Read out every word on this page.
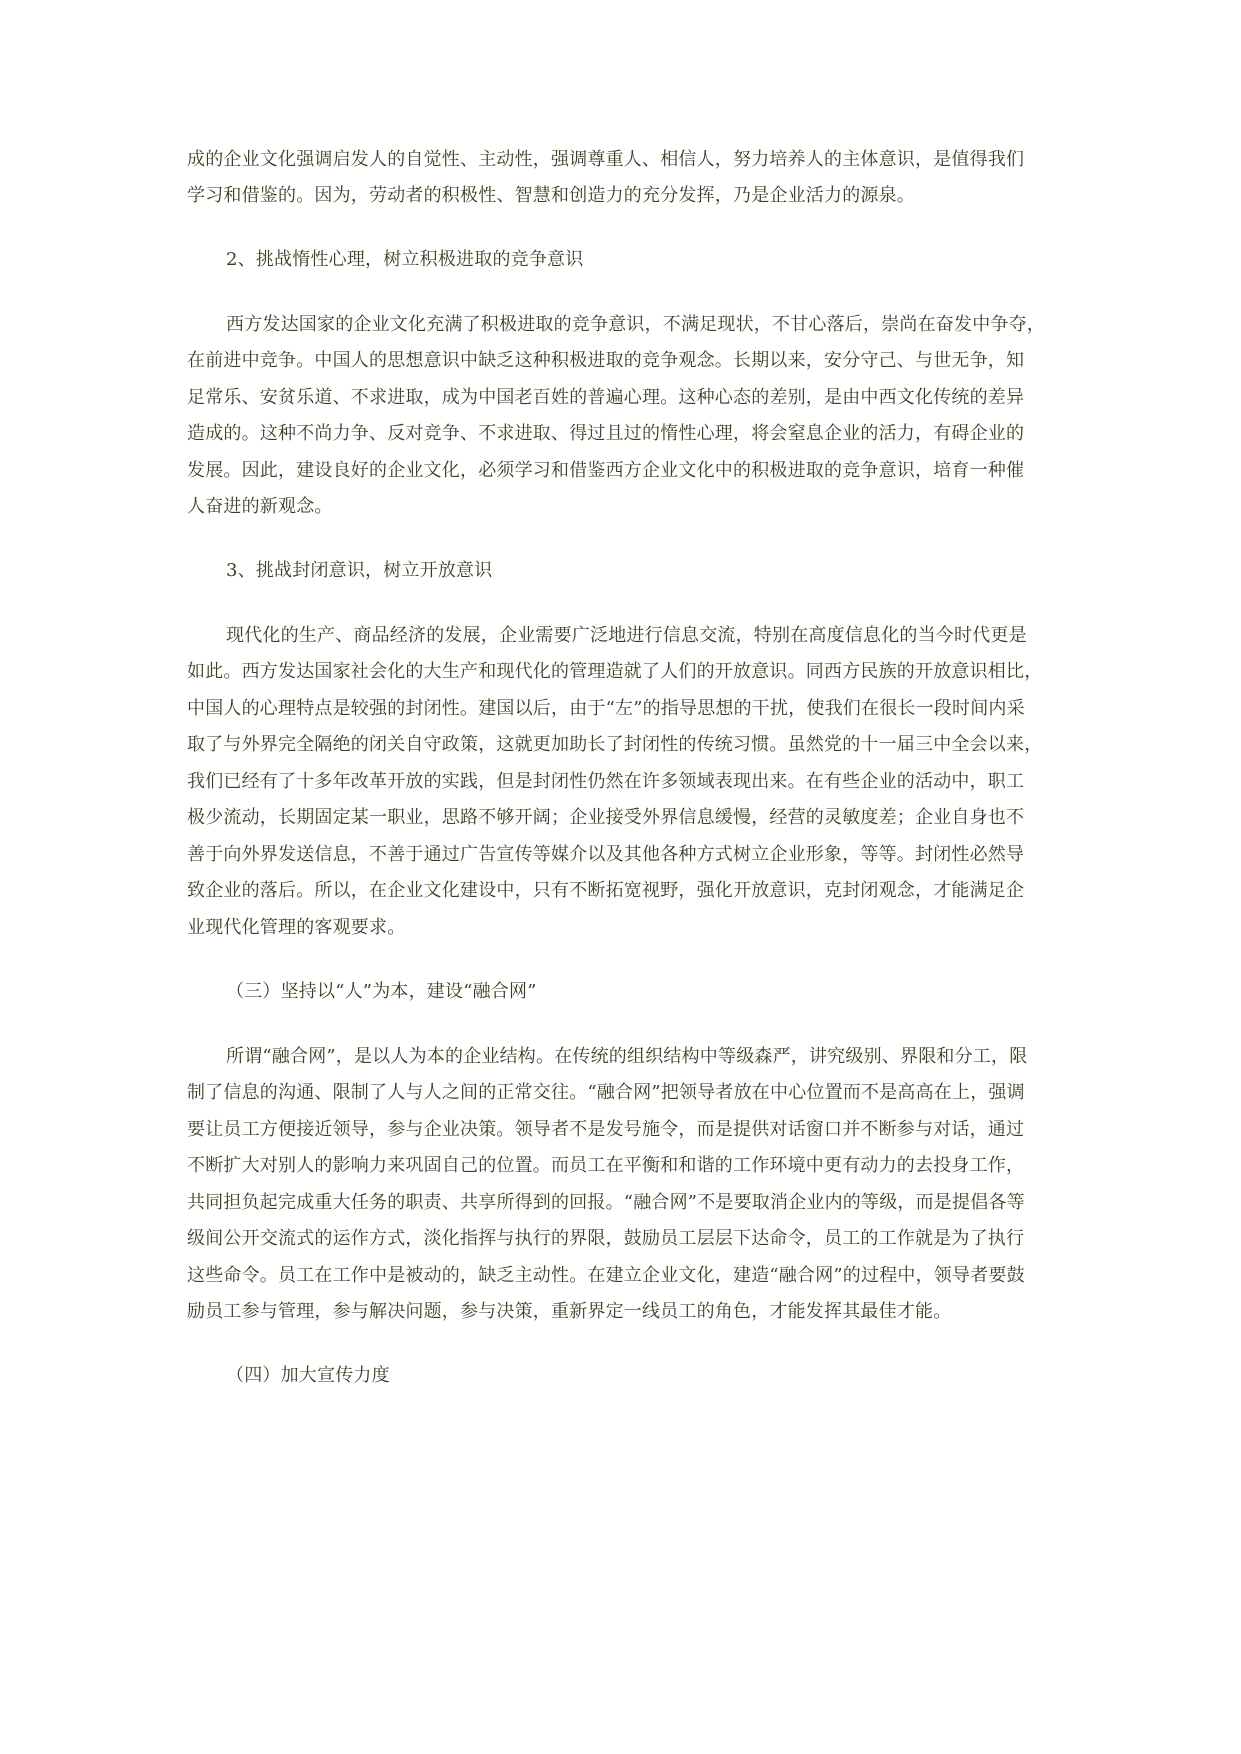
成的企业文化强调启发人的自觉性、主动性，强调尊重人、相信人，努力培养人的主体意识，是值得我们
学习和借鉴的。因为，劳动者的积极性、智慧和创造力的充分发挥，乃是企业活力的源泉。
2、挑战惰性心理，树立积极进取的竞争意识
西方发达国家的企业文化充满了积极进取的竞争意识，不满足现状，不甘心落后，崇尚在奋发中争夺，
在前进中竞争。中国人的思想意识中缺乏这种积极进取的竞争观念。长期以来，安分守己、与世无争，知
足常乐、安贫乐道、不求进取，成为中国老百姓的普遍心理。这种心态的差别，是由中西文化传统的差异
造成的。这种不尚力争、反对竞争、不求进取、得过且过的惰性心理，将会窒息企业的活力，有碍企业的
发展。因此，建设良好的企业文化，必须学习和借鉴西方企业文化中的积极进取的竞争意识，培育一种催
人奋进的新观念。
3、挑战封闭意识，树立开放意识
现代化的生产、商品经济的发展，企业需要广泛地进行信息交流，特别在高度信息化的当今时代更是
如此。西方发达国家社会化的大生产和现代化的管理造就了人们的开放意识。同西方民族的开放意识相比，
中国人的心理特点是较强的封闭性。建国以后，由于“左”的指导思想的干扰，使我们在很长一段时间内采
取了与外界完全隔绝的闭关自守政策，这就更加助长了封闭性的传统习惯。虽然党的十一届三中全会以来，
我们已经有了十多年改革开放的实践，但是封闭性仍然在许多领域表现出来。在有些企业的活动中，职工
极少流动，长期固定某一职业，思路不够开阔；企业接受外界信息缓慢，经营的灵敏度差；企业自身也不
善于向外界发送信息，不善于通过广告宣传等媒介以及其他各种方式树立企业形象，等等。封闭性必然导
致企业的落后。所以，在企业文化建设中，只有不断拓宽视野，强化开放意识，克封闭观念，才能满足企
业现代化管理的客观要求。
（三）坚持以“人”为本，建设“融合网”
所谓“融合网”，是以人为本的企业结构。在传统的组织结构中等级森严，讲究级别、界限和分工，限
制了信息的沟通、限制了人与人之间的正常交往。“融合网”把领导者放在中心位置而不是高高在上，强调
要让员工方便接近领导，参与企业决策。领导者不是发号施令，而是提供对话窗口并不断参与对话，通过
不断扩大对别人的影响力来巩固自己的位置。而员工在平衡和和谐的工作环境中更有动力的去投身工作，
共同担负起完成重大任务的职责、共享所得到的回报。“融合网”不是要取消企业内的等级，而是提倡各等
级间公开交流式的运作方式，淡化指挥与执行的界限，鼓励员工层层下达命令，员工的工作就是为了执行
这些命令。员工在工作中是被动的，缺乏主动性。在建立企业文化，建造“融合网”的过程中，领导者要鼓
励员工参与管理，参与解决问题，参与决策，重新界定一线员工的角色，才能发挥其最佳才能。
（四）加大宣传力度
